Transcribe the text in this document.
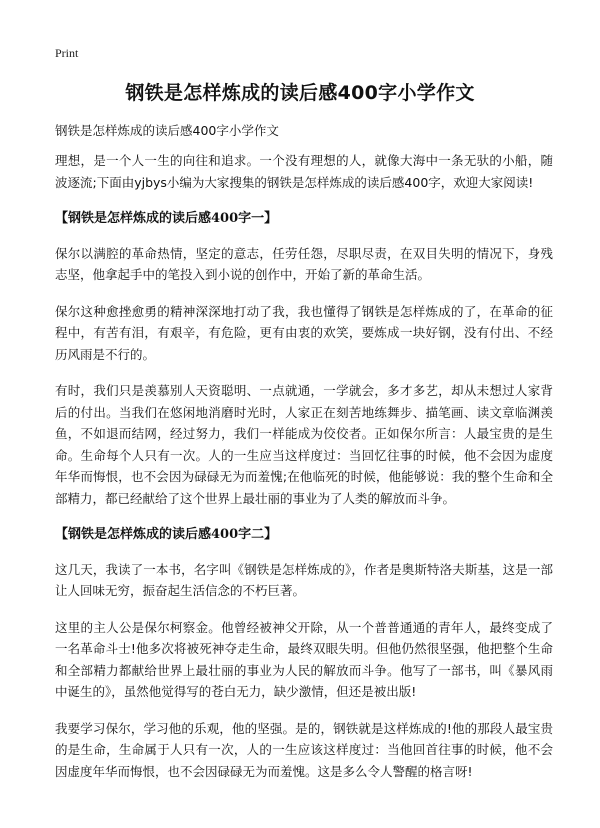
Print
钢铁是怎样炼成的读后感400字小学作文
钢铁是怎样炼成的读后感400字小学作文

理想，是一个人一生的向往和追求。一个没有理想的人，就像大海中一条无驮的小船，随波逐流;下面由yjbys小编为大家搜集的钢铁是怎样炼成的读后感400字，欢迎大家阅读!

【钢铁是怎样炼成的读后感400字一】

保尔以满腔的革命热情，坚定的意志，任劳任怨，尽职尽责，在双目失明的情况下，身残志坚，他拿起手中的笔投入到小说的创作中，开始了新的革命生活。

保尔这种愈挫愈勇的精神深深地打动了我，我也懂得了钢铁是怎样炼成的了，在革命的征程中，有苦有泪，有艰辛，有危险，更有由衷的欢笑，要炼成一块好钢，没有付出、不经历风雨是不行的。

有时，我们只是羡慕别人天资聪明、一点就通，一学就会，多才多艺，却从未想过人家背后的付出。当我们在悠闲地消磨时光时，人家正在刻苦地练舞步、描笔画、读文章临渊羡鱼，不如退而结网，经过努力，我们一样能成为佼佼者。正如保尔所言：人最宝贵的是生命。生命每个人只有一次。人的一生应当这样度过：当回忆往事的时候，他不会因为虚度年华而悔恨，也不会因为碌碌无为而羞愧;在他临死的时候，他能够说：我的整个生命和全部精力，都已经献给了这个世界上最壮丽的事业为了人类的解放而斗争。

【钢铁是怎样炼成的读后感400字二】

这几天，我读了一本书，名字叫《钢铁是怎样炼成的》，作者是奥斯特洛夫斯基，这是一部让人回味无穷，振奋起生活信念的不朽巨著。

这里的主人公是保尔柯察金。他曾经被神父开除，从一个普普通通的青年人，最终变成了一名革命斗士!他多次将被死神夺走生命，最终双眼失明。但他仍然很坚强，他把整个生命和全部精力都献给世界上最壮丽的事业为人民的解放而斗争。他写了一部书，叫《暴风雨中诞生的》，虽然他觉得写的苍白无力，缺少激情，但还是被出版!

我要学习保尔，学习他的乐观，他的坚强。是的，钢铁就是这样炼成的!他的那段人最宝贵的是生命，生命属于人只有一次，人的一生应该这样度过：当他回首往事的时候，他不会因虚度年华而悔恨，也不会因碌碌无为而羞愧。这是多么令人警醒的格言呀!
